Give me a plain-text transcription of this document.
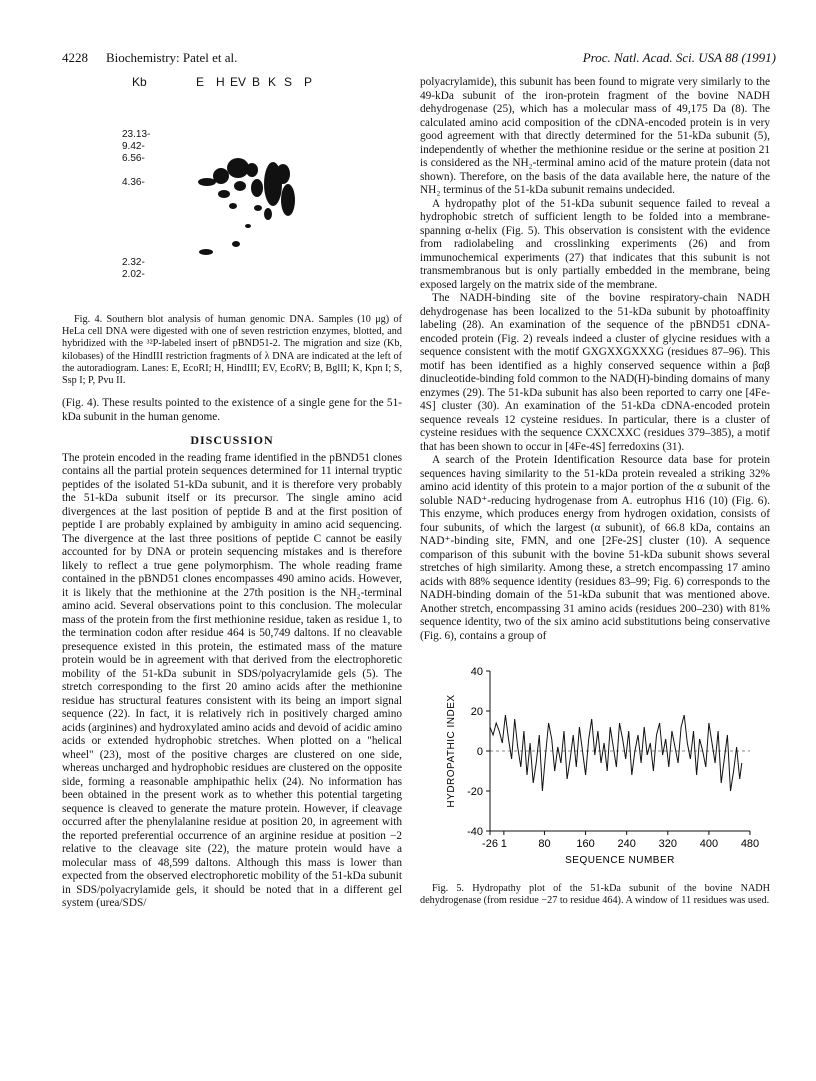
4228 Biochemistry: Patel et al.	Proc. Natl. Acad. Sci. USA 88 (1991)
Kb	E H EV B K S P
23.13-
9.42-
6.56-
4.36-
2.32-
2.02-

Fig. 4. Southern blot analysis of human genomic DNA. Samples (10 μg) of HeLa cell DNA were digested with one of seven restriction enzymes, blotted, and hybridized with the ³²P-labeled insert of pBND51-2. The migration and size (Kb, kilobases) of the HindIII restriction fragments of λ DNA are indicated at the left of the autoradiogram. Lanes: E, EcoRI; H, HindIII; EV, EcoRV; B, BglII; K, Kpn I; S, Ssp I; P, Pvu II.

(Fig. 4). These results pointed to the existence of a single gene for the 51-kDa subunit in the human genome.

DISCUSSION

The protein encoded in the reading frame identified in the pBND51 clones contains all the partial protein sequences determined for 11 internal tryptic peptides of the isolated 51-kDa subunit, and it is therefore very probably the 51-kDa subunit itself or its precursor. The single amino acid divergences at the last position of peptide B and at the first position of peptide I are probably explained by ambiguity in amino acid sequencing. The divergence at the last three positions of peptide C cannot be easily accounted for by DNA or protein sequencing mistakes and is therefore likely to reflect a true gene polymorphism. The whole reading frame contained in the pBND51 clones encompasses 490 amino acids. However, it is likely that the methionine at the 27th position is the NH₂-terminal amino acid. Several observations point to this conclusion. The molecular mass of the protein from the first methionine residue, taken as residue 1, to the termination codon after residue 464 is 50,749 daltons. If no cleavable presequence existed in this protein, the estimated mass of the mature protein would be in agreement with that derived from the electrophoretic mobility of the 51-kDa subunit in SDS/polyacrylamide gels (5). The stretch corresponding to the first 20 amino acids after the methionine residue has structural features consistent with its being an import signal sequence (22). In fact, it is relatively rich in positively charged amino acids (arginines) and hydroxylated amino acids and devoid of acidic amino acids or extended hydrophobic stretches. When plotted on a "helical wheel" (23), most of the positive charges are clustered on one side, whereas uncharged and hydrophobic residues are clustered on the opposite side, forming a reasonable amphipathic helix (24). No information has been obtained in the present work as to whether this potential targeting sequence is cleaved to generate the mature protein. However, if cleavage occurred after the phenylalanine residue at position 20, in agreement with the reported preferential occurrence of an arginine residue at position −2 relative to the cleavage site (22), the mature protein would have a molecular mass of 48,599 daltons. Although this mass is lower than expected from the observed electrophoretic mobility of the 51-kDa subunit in SDS/polyacrylamide gels, it should be noted that in a different gel system (urea/SDS/

polyacrylamide), this subunit has been found to migrate very similarly to the 49-kDa subunit of the iron-protein fragment of the bovine NADH dehydrogenase (25), which has a molecular mass of 49,175 Da (8). The calculated amino acid composition of the cDNA-encoded protein is in very good agreement with that directly determined for the 51-kDa subunit (5), independently of whether the methionine residue or the serine at position 21 is considered as the NH₂-terminal amino acid of the mature protein (data not shown). Therefore, on the basis of the data available here, the nature of the NH₂ terminus of the 51-kDa subunit remains undecided.

A hydropathy plot of the 51-kDa subunit sequence failed to reveal a hydrophobic stretch of sufficient length to be folded into a membrane-spanning α-helix (Fig. 5). This observation is consistent with the evidence from radiolabeling and crosslinking experiments (26) and from immunochemical experiments (27) that indicates that this subunit is not transmembranous but is only partially embedded in the membrane, being exposed largely on the matrix side of the membrane.

The NADH-binding site of the bovine respiratory-chain NADH dehydrogenase has been localized to the 51-kDa subunit by photoaffinity labeling (28). An examination of the sequence of the pBND51 cDNA-encoded protein (Fig. 2) reveals indeed a cluster of glycine residues with a sequence consistent with the motif GXGXXGXXXG (residues 87–96). This motif has been identified as a highly conserved sequence within a βαβ dinucleotide-binding fold common to the NAD(H)-binding domains of many enzymes (29). The 51-kDa subunit has also been reported to carry one [4Fe-4S] cluster (30). An examination of the 51-kDa cDNA-encoded protein sequence reveals 12 cysteine residues. In particular, there is a cluster of cysteine residues with the sequence CXXCXXC (residues 379–385), a motif that has been shown to occur in [4Fe-4S] ferredoxins (31).

A search of the Protein Identification Resource data base for protein sequences having similarity to the 51-kDa protein revealed a striking 32% amino acid identity of this protein to a major portion of the α subunit of the soluble NAD⁺-reducing hydrogenase from A. eutrophus H16 (10) (Fig. 6). This enzyme, which produces energy from hydrogen oxidation, consists of four subunits, of which the largest (α subunit), of 66.8 kDa, contains an NAD⁺-binding site, FMN, and one [2Fe-2S] cluster (10). A sequence comparison of this subunit with the bovine 51-kDa subunit shows several stretches of high similarity. Among these, a stretch encompassing 17 amino acids with 88% sequence identity (residues 83–99; Fig. 6) corresponds to the NADH-binding domain of the 51-kDa subunit that was mentioned above. Another stretch, encompassing 31 amino acids (residues 200–230) with 81% sequence identity, two of the six amino acid substitutions being conservative (Fig. 6), contains a group of

40
20
0
-20
-40
-26 1	80 160 240 320 400 480
SEQUENCE NUMBER
HYDROPATHIC INDEX

Fig. 5. Hydropathy plot of the 51-kDa subunit of the bovine NADH dehydrogenase (from residue −27 to residue 464). A window of 11 residues was used.
